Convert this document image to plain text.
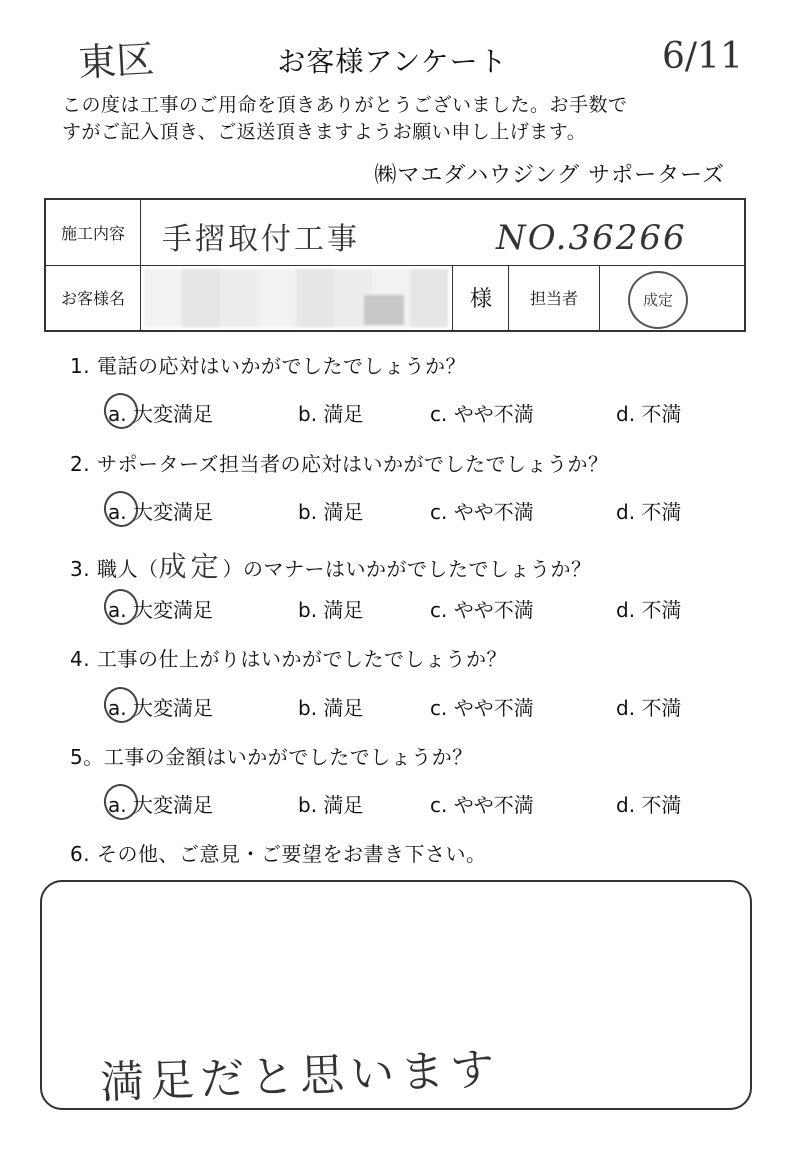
東区	お客様アンケート	6/11
この度は工事のご用命を頂きありがとうございました。お手数で
すがご記入頂き、ご返送頂きますようお願い申し上げます。
㈱マエダハウジング サポーターズ
施工内容	手摺取付工事	NO.36266
お客様名	様	担当者	成定
1. 電話の応対はいかがでしたでしょうか？
a. 大変満足	b. 満足	c. やや不満	d. 不満
2. サポーターズ担当者の応対はいかがでしたでしょうか？
a. 大変満足	b. 満足	c. やや不満	d. 不満
3. 職人（成定）のマナーはいかがでしたでしょうか？
a. 大変満足	b. 満足	c. やや不満	d. 不満
4. 工事の仕上がりはいかがでしたでしょうか？
a. 大変満足	b. 満足	c. やや不満	d. 不満
5。工事の金額はいかがでしたでしょうか？
a. 大変満足	b. 満足	c. やや不満	d. 不満
6. その他、ご意見・ご要望をお書き下さい。
満足だと思います
